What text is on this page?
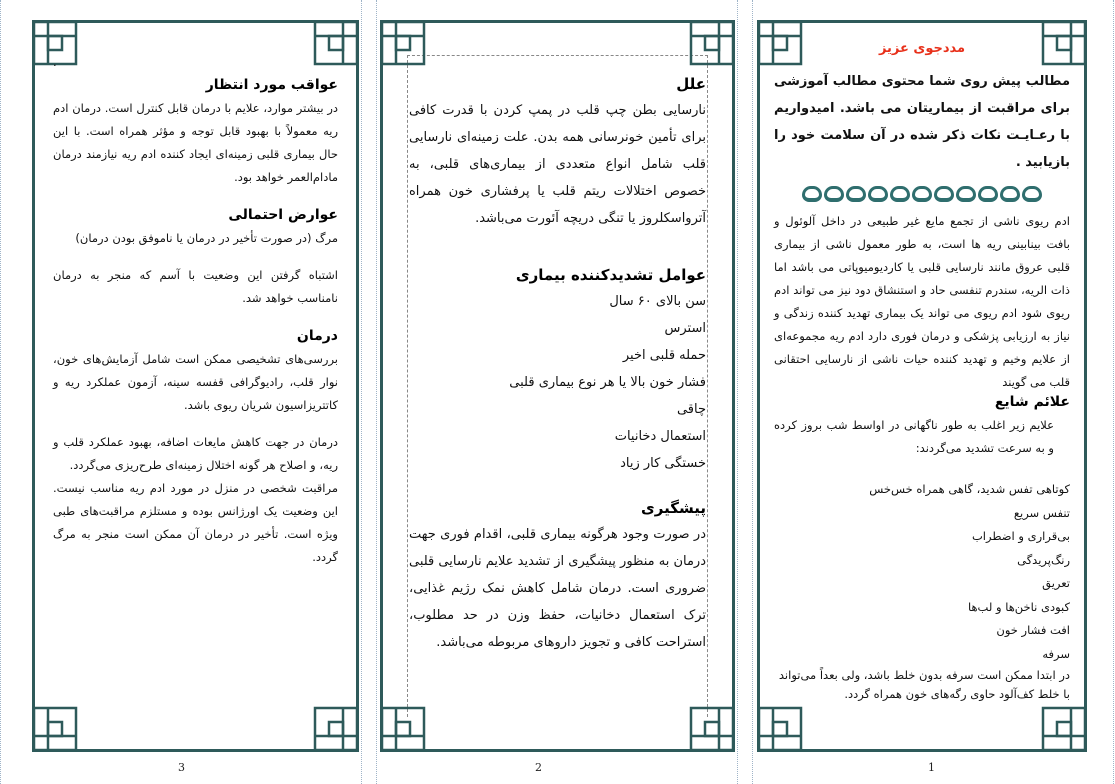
.

عواقب مورد انتظار

در بیشتر موارد، علایم با درمان قابل کنترل است. درمان ادم ریه معمولاً با بهبود قابل توجه و مؤثر همراه است. با این حال بیماری قلبی زمینه‌ای ایجاد کننده ادم ریه نیازمند درمان مادام‌العمر خواهد بود.

عوارض احتمالی

مرگ (در صورت تأخیر در درمان یا ناموفق بودن درمان)

اشتباه گرفتن این وضعیت با آسم که منجر به درمان نامناسب خواهد شد.

درمان

بررسی‌های تشخیصی ممکن است شامل آزمایش‌های خون، نوار قلب، رادیوگرافی قفسه سینه، آزمون عملکرد ریه و کاتتریزاسیون شریان ریوی باشد.

درمان در جهت کاهش مایعات اضافه، بهبود عملکرد قلب و ریه، و اصلاح هر گونه اختلال زمینه‌ای طرح‌ریزی می‌گردد.

مراقبت شخصی در منزل در مورد ادم ریه مناسب نیست. این وضعیت یک اورژانس بوده و مستلزم مراقبت‌های طبی ویژه است. تأخیر در درمان آن ممکن است منجر به مرگ گردد.

علل

نارسایی بطن چپ قلب در پمپ کردن با قدرت کافی برای تأمین خونرسانی همه بدن. علت زمینه‌ای نارسایی قلب شامل انواع متعددی از بیماری‌های قلبی، به خصوص اختلالات ریتم قلب یا پرفشاری خون همراه آترواسکلروز یا تنگی دریچه آئورت می‌باشد.

عوامل تشدیدکننده بیماری

سن بالای ۶۰ سال

استرس

حمله قلبی اخیر

فشار خون بالا یا هر نوع بیماری قلبی

چاقی

استعمال دخانیات

خستگی کار زیاد

پیشگیری

در صورت وجود هرگونه بیماری قلبی، اقدام فوری جهت درمان به منظور پیشگیری از تشدید علایم نارسایی قلبی ضروری است. درمان شامل کاهش نمک رژیم غذایی، ترک استعمال دخانیات، حفظ وزن در حد مطلوب، استراحت کافی و تجویز داروهای مربوطه می‌باشد.

مددجوی عزیز

مطالب پیش روی شما محتوی مطالب آموزشی برای مراقبت از بیماریتان می باشد. امیدواریم با رعـایـت نکات ذکر شده در آن سلامت خود را بازیابید .

ادم ریوی ناشی از تجمع مایع غیر طبیعی در داخل آلوئول و بافت بینابینی ریه ها است، به طور معمول ناشی از بیماری قلبی عروق مانند نارسایی قلبی یا کاردیومیوپاتی می باشد اما ذات الریه، سندرم تنفسی حاد و استنشاق دود نیز می تواند ادم ریوی شود ادم ریوی می تواند یک بیماری تهدید کننده زندگی و نیاز به ارزیابی پزشکی و درمان فوری دارد ادم ریه مجموعه‌ای از علایم وخیم و تهدید کننده حیات ناشی از نارسایی احتقانی قلب می گویند

علائم شایع

علایم زیر اغلب به طور ناگهانی در اواسط شب بروز کرده و به سرعت تشدید می‌گردند:

کوتاهی تفس شدید، گاهی همراه خس‌خس

تنفس سریع

بی‌قراری و اضطراب

رنگ‌پریدگی

تعریق

کبودی ناخن‌ها و لب‌ها

افت فشار خون

سرفه

در ابتدا ممکن است سرفه بدون خلط باشد، ولی بعداً می‌تواند با خلط کف‌آلود حاوی رگه‌های خون همراه گردد.

1
2
3
